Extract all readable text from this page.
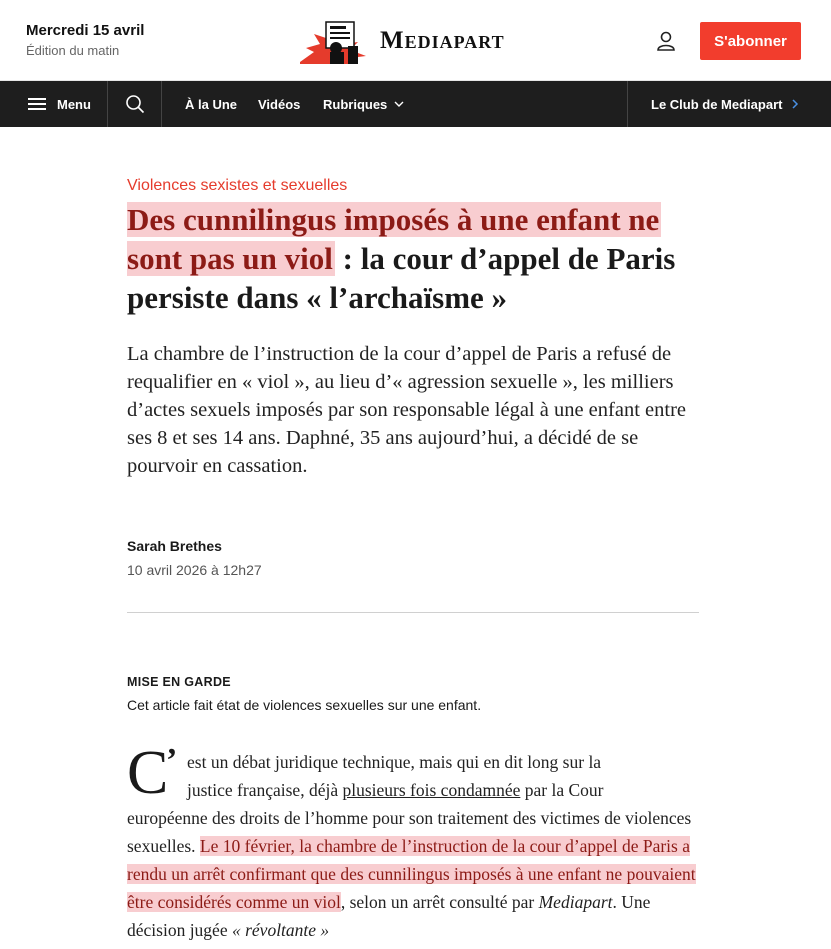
Mercredi 15 avril
Édition du matin	Mediapart	S'abonner
Menu	À la Une Vidéos Rubriques	Le Club de Mediapart
Violences sexistes et sexuelles
Des cunnilingus imposés à une enfant ne sont pas un viol : la cour d’appel de Paris persiste dans « l’archaïsme »

La chambre de l’instruction de la cour d’appel de Paris a refusé de requalifier en « viol », au lieu d’« agression sexuelle », les milliers d’actes sexuels imposés par son responsable légal à une enfant entre ses 8 et ses 14 ans. Daphné, 35 ans aujourd’hui, a décidé de se pourvoir en cassation.

Sarah Brethes
10 avril 2026 à 12h27
MISE EN GARDE
Cet article fait état de violences sexuelles sur une enfant.
C
’ est un débat juridique technique, mais qui en dit long sur la
justice française, déjà plusieurs fois condamnée par la Cour
européenne des droits de l’homme pour son traitement des victimes de violences sexuelles. Le 10 février, la chambre de l’instruction de la cour d’appel de Paris a rendu un arrêt confirmant que des cunnilingus imposés à une enfant ne pouvaient être considérés comme un viol, selon un arrêt consulté par Mediapart. Une décision jugée « révoltante »
